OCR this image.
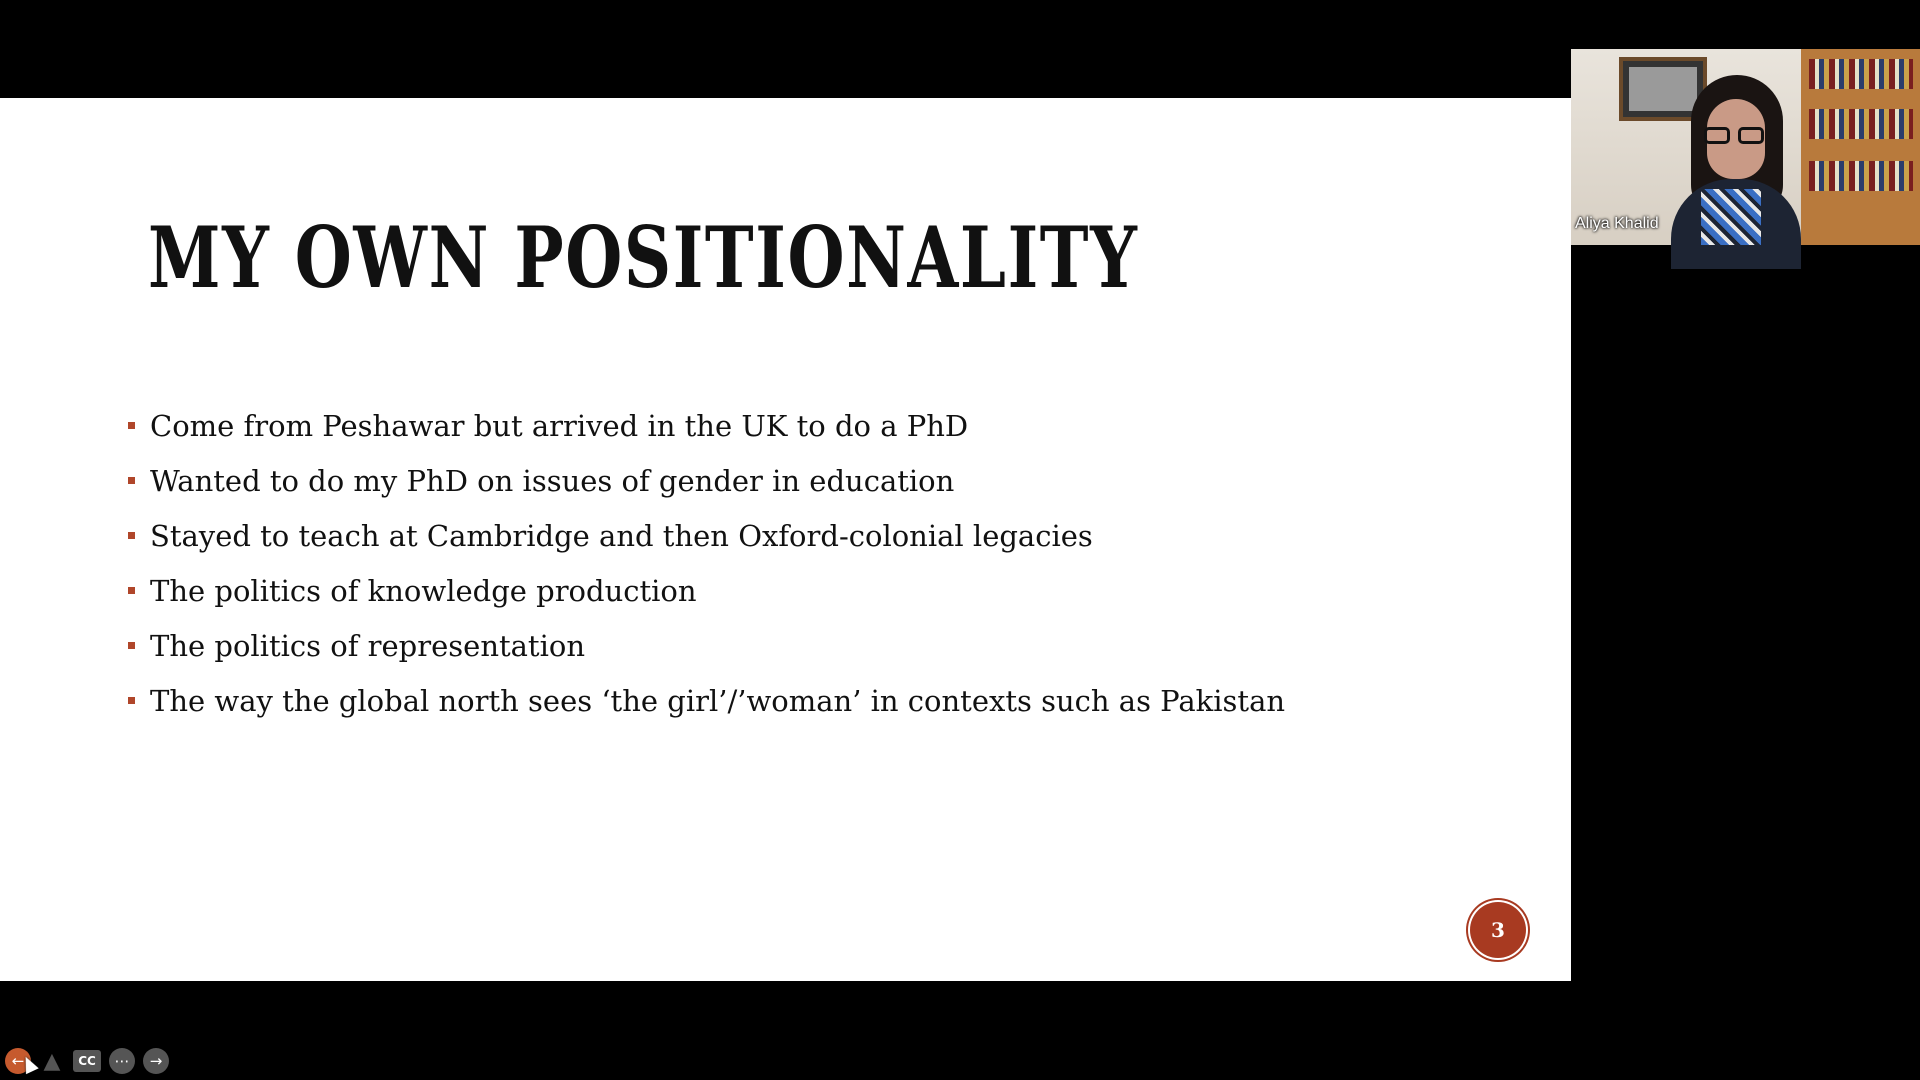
MY OWN POSITIONALITY
Come from Peshawar but arrived in the UK to do a PhD
Wanted to do my PhD on issues of gender in education
Stayed to teach at Cambridge and then Oxford-colonial legacies
The politics of knowledge production
The politics of representation
The way the global north sees ‘the girl’/’woman’ in contexts such as Pakistan
3
← ▲	CC	⋯	→
Aliya Khalid
